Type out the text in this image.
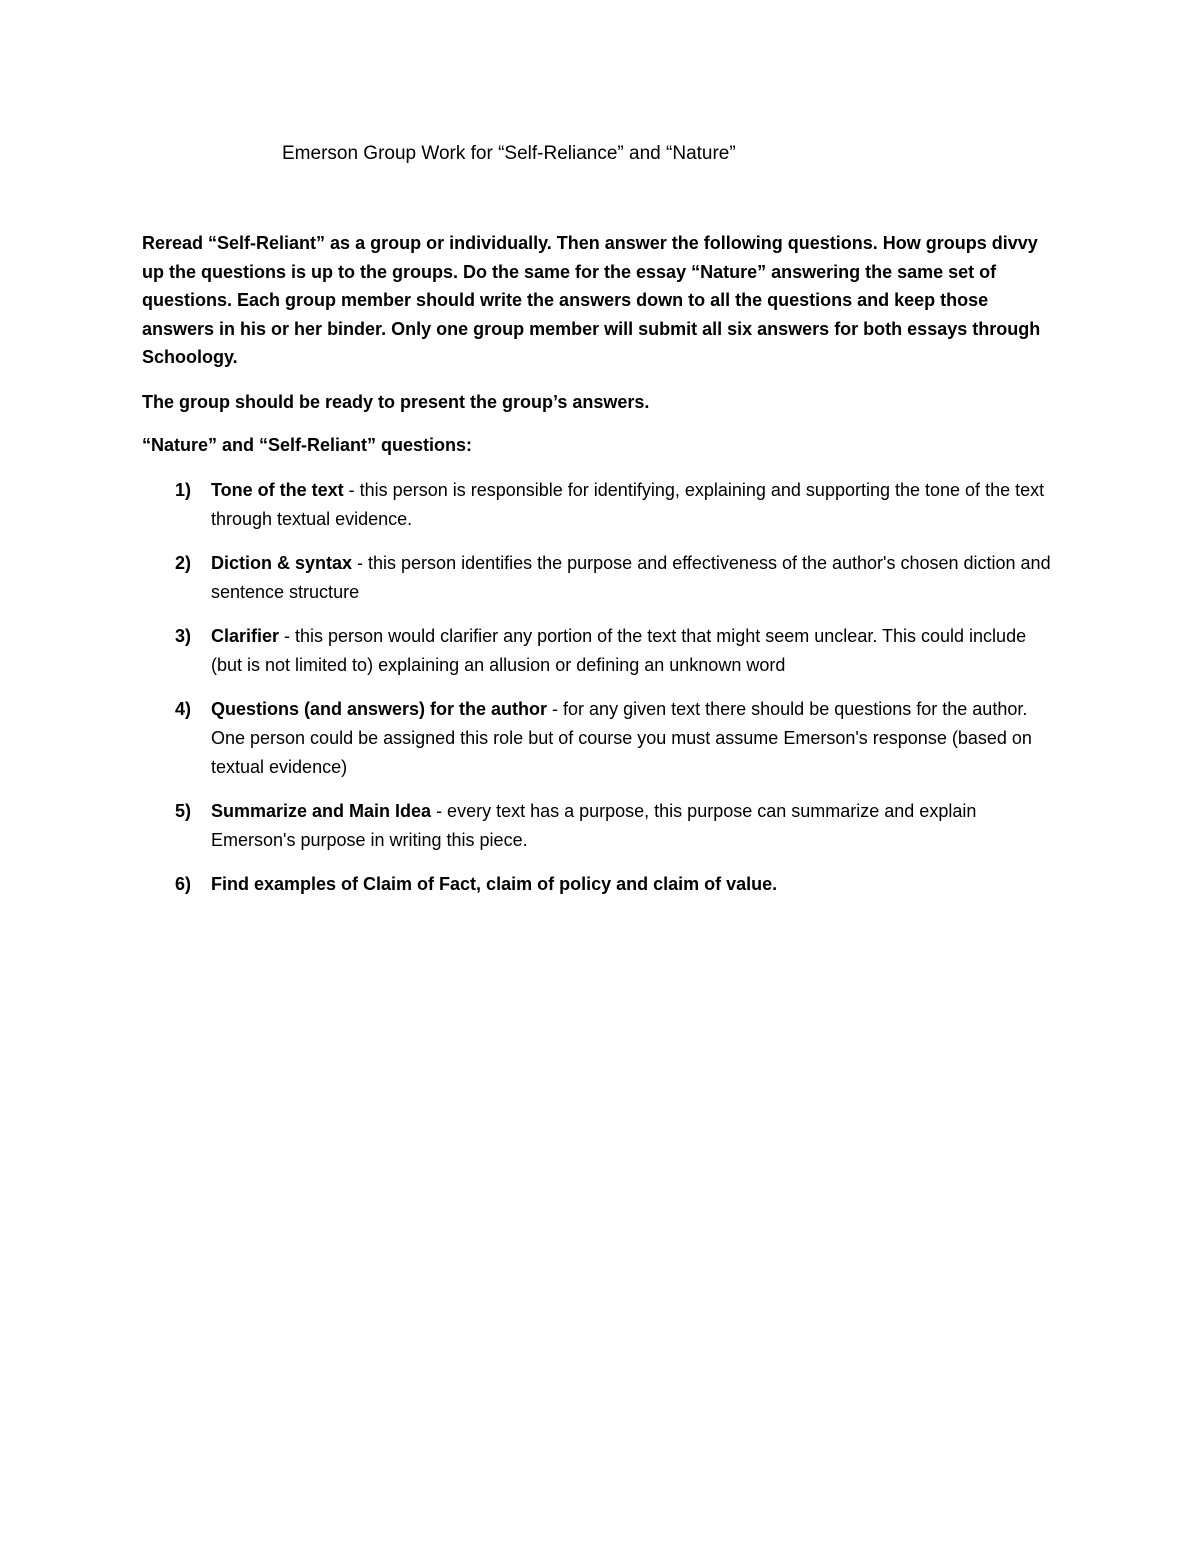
Emerson Group Work for “Self-Reliance” and “Nature”

Reread “Self-Reliant” as a group or individually. Then answer the following questions. How groups divvy up the questions is up to the groups. Do the same for the essay “Nature” answering the same set of questions. Each group member should write the answers down to all the questions and keep those answers in his or her binder. Only one group member will submit all six answers for both essays through Schoology.

The group should be ready to present the group’s answers.

“Nature” and “Self-Reliant” questions:

1) Tone of the text - this person is responsible for identifying, explaining and supporting the tone of the text through textual evidence.
2) Diction & syntax - this person identifies the purpose and effectiveness of the author's chosen diction and sentence structure
3) Clarifier - this person would clarifier any portion of the text that might seem unclear. This could include (but is not limited to) explaining an allusion or defining an unknown word
4) Questions (and answers) for the author - for any given text there should be questions for the author. One person could be assigned this role but of course you must assume Emerson's response (based on textual evidence)
5) Summarize and Main Idea - every text has a purpose, this purpose can summarize and explain Emerson's purpose in writing this piece.
6) Find examples of Claim of Fact, claim of policy and claim of value.
